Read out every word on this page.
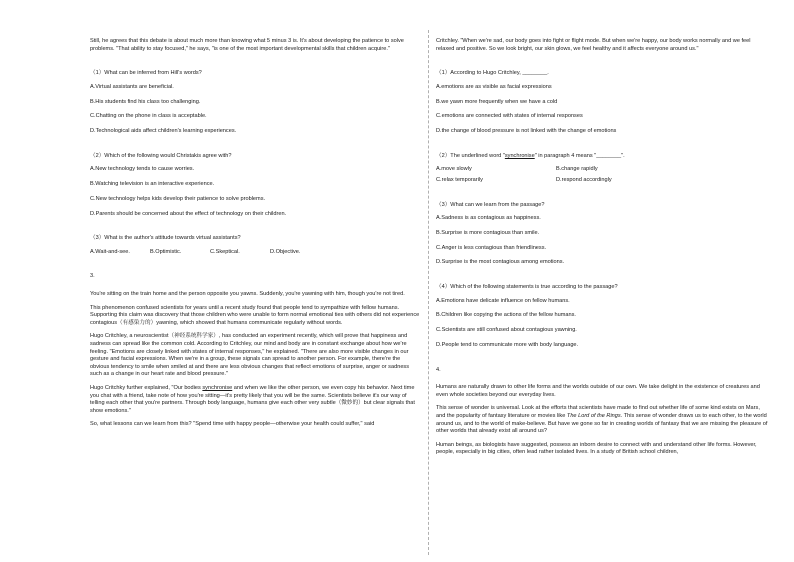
Still, he agrees that this debate is about much more than knowing what 5 minus 3 is. It's about developing the patience to solve problems. "That ability to stay focused," he says, "is one of the most important developmental skills that children acquire."

（1）What can be inferred from Hill's words?

A.Virtual assistants are beneficial.

B.His students find his class too challenging.

C.Chatting on the phone in class is acceptable.

D.Technological aids affect children's learning experiences.

（2）Which of the following would Christakis agree with?

A.New technology tends to cause worries.

B.Watching television is an interactive experience.

C.New technology helps kids develop their patience to solve problems.

D.Parents should be concerned about the effect of technology on their children.

（3）What is the author's attitude towards virtual assistants?

A.Wait-and-see.	B.Optimistic.	C.Skeptical.	D.Objective.

3.

You're sitting on the train home and the person opposite you yawns. Suddenly, you're yawning with him, though you're not tired.

This phenomenon confused scientists for years until a recent study found that people tend to sympathize with fellow humans. Supporting this claim was discovery that those children who were unable to form normal emotional ties with others did not experience contagious（有感染力的）yawning, which showed that humans communicate regularly without words.

Hugo Critchley, a neuroscientist（神经系统科学家）, has conducted an experiment recently, which will prove that happiness and sadness can spread like the common cold. According to Critchley, our mind and body are in constant exchange about how we're feeling. "Emotions are closely linked with states of internal responses," he explained. "There are also more visible changes in our gesture and facial expressions. When we're in a group, these signals can spread to another person. For example, there're the obvious tendency to smile when smiled at and there are less obvious changes that reflect emotions of surprise, anger or sadness such as a change in our heart rate and blood pressure."

Hugo Critchky further explained, "Our bodies synchronise and when we like the other person, we even copy his behavior. Next time you chat with a friend, take note of how you're sitting—it's pretty likely that you will be the same. Scientists believe it's our way of telling each other that you're partners. Through body language, humans give each other very subtle（微妙的）but clear signals that show emotions."

So, what lessons can we learn from this? "Spend time with happy people—otherwise your health could suffer," said

Critchley. "When we're sad, our body goes into fight or flight mode. But when we're happy, our body works normally and we feel relaxed and positive. So we look bright, our skin glows, we feel healthy and it affects everyone around us."

（1）According to Hugo Critchley, ________.

A.emotions are as visible as facial expressions

B.we yawn more frequently when we have a cold

C.emotions are connected with states of internal responses

D.the change of blood pressure is not linked with the change of emotions

（2）The underlined word "synchronise" in paragraph 4 means "________".

A.move slowly	B.change rapidly
C.relax temporarily	D.respond accordingly

（3）What can we learn from the passage?

A.Sadness is as contagious as happiness.

B.Surprise is more contagious than smile.

C.Anger is less contagious than friendliness.

D.Surprise is the most contagious among emotions.

（4）Which of the following statements is true according to the passage?

A.Emotions have delicate influence on fellow humans.

B.Children like copying the actions of the fellow humans.

C.Scientists are still confused about contagious yawning.

D.People tend to communicate more with body language.

4.

Humans are naturally drawn to other life forms and the worlds outside of our own. We take delight in the existence of creatures and even whole societies beyond our everyday lives.

This sense of wonder is universal. Look at the efforts that scientists have made to find out whether life of some kind exists on Mars, and the popularity of fantasy literature or movies like The Lord of the Rings. This sense of wonder draws us to each other, to the world around us, and to the world of make-believe. But have we gone so far in creating worlds of fantasy that we are missing the pleasure of other worlds that already exist all around us?

Human beings, as biologists have suggested, possess an inborn desire to connect with and understand other life forms. However, people, especially in big cities, often lead rather isolated lives. In a study of British school children,
